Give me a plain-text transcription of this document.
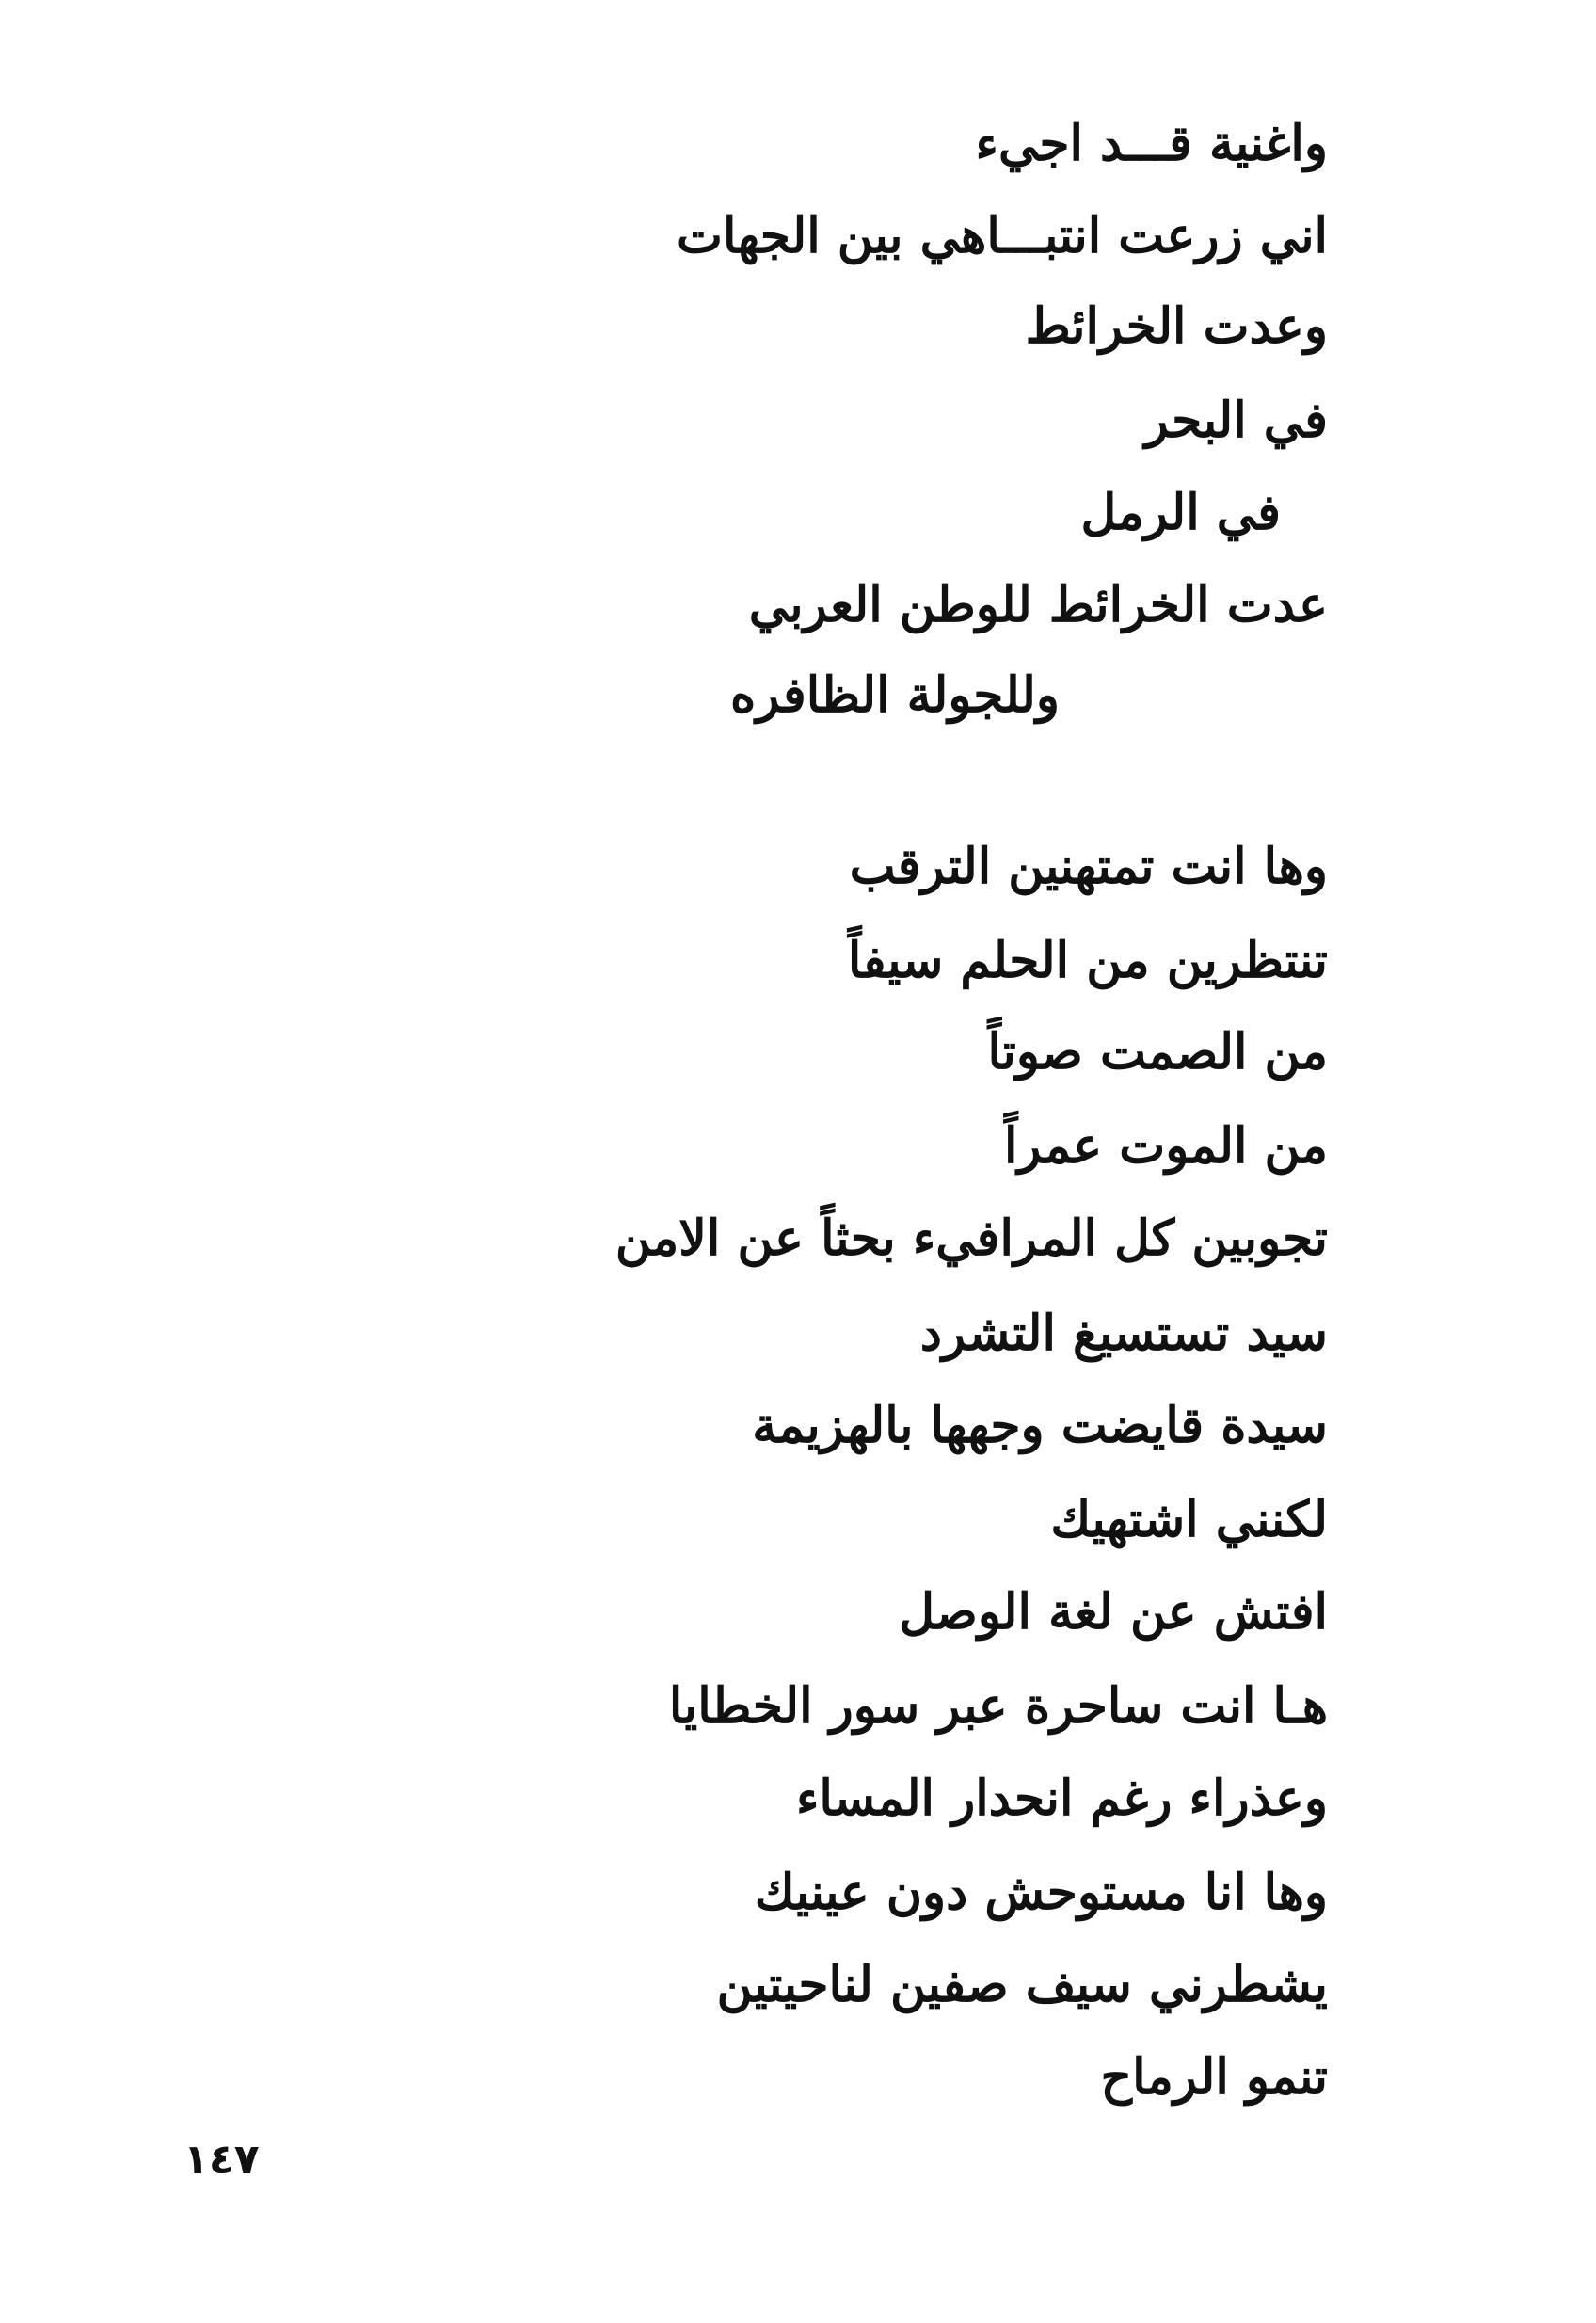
واغنية قـــد اجيء
اني زرعت انتبـــاهي بين الجهات
وعدت الخرائط
في البحر
في الرمل
عدت الخرائط للوطن العربي
وللجولة الظافره
وها انت تمتهنين الترقب
تنتظرين من الحلم سيفاً
من الصمت صوتاً
من الموت عمراً
تجوبين كل المرافيء بحثاً عن الامن
سيد تستسيغ التشرد
سيدة قايضت وجهها بالهزيمة
لكنني اشتهيك
افتش عن لغة الوصل
هـا انت ساحرة عبر سور الخطايا
وعذراء رغم انحدار المساء
وها انا مستوحش دون عينيك
يشطرني سيف صفين لناحيتين
تنمو الرماح
١٤٧
